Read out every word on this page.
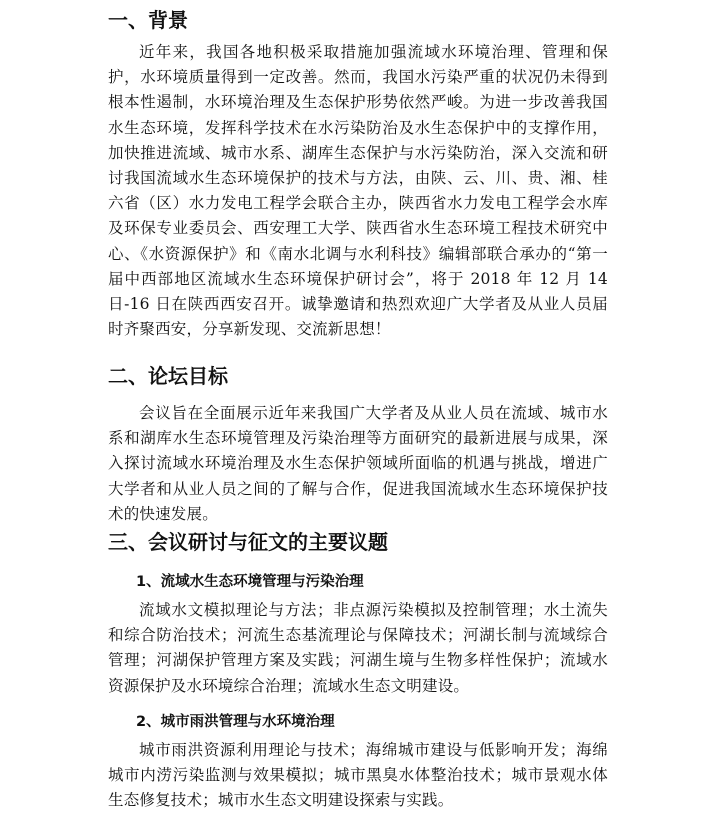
一、背景

近年来，我国各地积极采取措施加强流域水环境治理、管理和保护，水环境质量得到一定改善。然而，我国水污染严重的状况仍未得到根本性遏制，水环境治理及生态保护形势依然严峻。为进一步改善我国水生态环境，发挥科学技术在水污染防治及水生态保护中的支撑作用，加快推进流域、城市水系、湖库生态保护与水污染防治，深入交流和研讨我国流域水生态环境保护的技术与方法，由陕、云、川、贵、湘、桂六省（区）水力发电工程学会联合主办，陕西省水力发电工程学会水库及环保专业委员会、西安理工大学、陕西省水生态环境工程技术研究中心、《水资源保护》和《南水北调与水利科技》编辑部联合承办的“第一届中西部地区流域水生态环境保护研讨会”，将于 2018 年 12 月 14 日-16 日在陕西西安召开。诚挚邀请和热烈欢迎广大学者及从业人员届时齐聚西安，分享新发现、交流新思想！

二、论坛目标

会议旨在全面展示近年来我国广大学者及从业人员在流域、城市水系和湖库水生态环境管理及污染治理等方面研究的最新进展与成果，深入探讨流域水环境治理及水生态保护领域所面临的机遇与挑战，增进广大学者和从业人员之间的了解与合作，促进我国流域水生态环境保护技术的快速发展。

三、会议研讨与征文的主要议题
1、流域水生态环境管理与污染治理

流域水文模拟理论与方法；非点源污染模拟及控制管理；水土流失和综合防治技术；河流生态基流理论与保障技术；河湖长制与流域综合管理；河湖保护管理方案及实践；河湖生境与生物多样性保护；流域水资源保护及水环境综合治理；流域水生态文明建设。

2、城市雨洪管理与水环境治理

城市雨洪资源利用理论与技术；海绵城市建设与低影响开发；海绵城市内涝污染监测与效果模拟；城市黑臭水体整治技术；城市景观水体生态修复技术；城市水生态文明建设探索与实践。
